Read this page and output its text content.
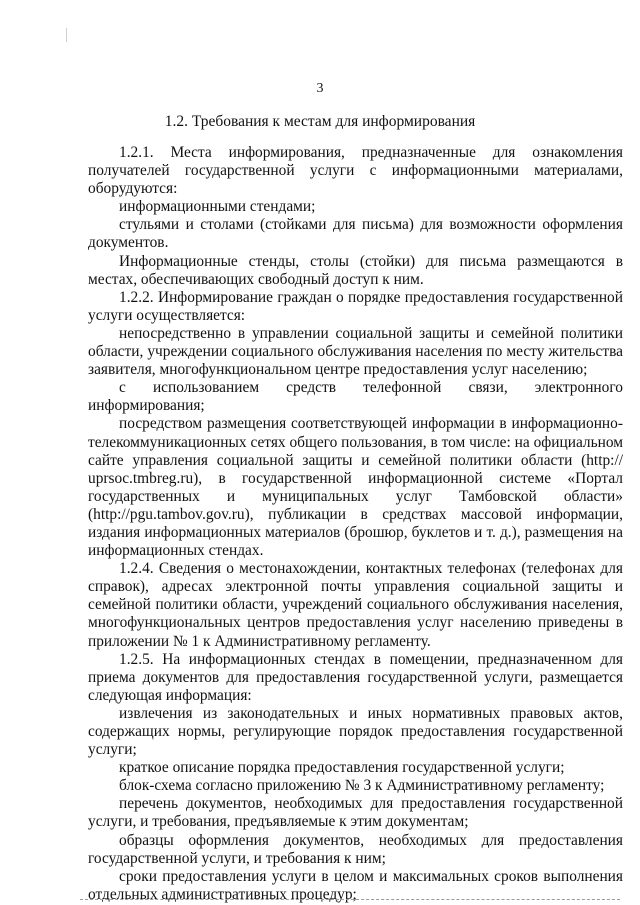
3
1.2. Требования к местам для информирования

1.2.1. Места информирования, предназначенные для ознакомления получателей государственной услуги с информационными материалами, оборудуются:

информационными стендами;

стульями и столами (стойками для письма) для возможности оформления документов.

Информационные стенды, столы (стойки) для письма размещаются в местах, обеспечивающих свободный доступ к ним.

1.2.2. Информирование граждан о порядке предоставления государственной услуги осуществляется:

непосредственно в управлении социальной защиты и семейной политики области, учреждении социального обслуживания населения по месту жительства заявителя, многофункциональном центре предоставления услуг населению;

с использованием средств телефонной связи, электронного информирования;

посредством размещения соответствующей информации в информационно-телекоммуникационных сетях общего пользования, в том числе: на официальном сайте управления социальной защиты и семейной политики области (http:// uprsoc.tmbreg.ru), в государственной информационной системе «Портал государственных и муниципальных услуг Тамбовской области» (http://pgu.tambov.gov.ru), публикации в средствах массовой информации, издания информационных материалов (брошюр, буклетов и т. д.), размещения на информационных стендах.

1.2.4. Сведения о местонахождении, контактных телефонах (телефонах для справок), адресах электронной почты управления социальной защиты и семейной политики области, учреждений социального обслуживания населения, многофункциональных центров предоставления услуг населению приведены в приложении № 1 к Административному регламенту.

1.2.5. На информационных стендах в помещении, предназначенном для приема документов для предоставления государственной услуги, размещается следующая информация:

извлечения из законодательных и иных нормативных правовых актов, содержащих нормы, регулирующие порядок предоставления государственной услуги;

краткое описание порядка предоставления государственной услуги;

блок-схема согласно приложению № 3 к Административному регламенту;

перечень документов, необходимых для предоставления государственной услуги, и требования, предъявляемые к этим документам;

образцы оформления документов, необходимых для предоставления государственной услуги, и требования к ним;

сроки предоставления услуги в целом и максимальных сроков выполнения отдельных административных процедур;
